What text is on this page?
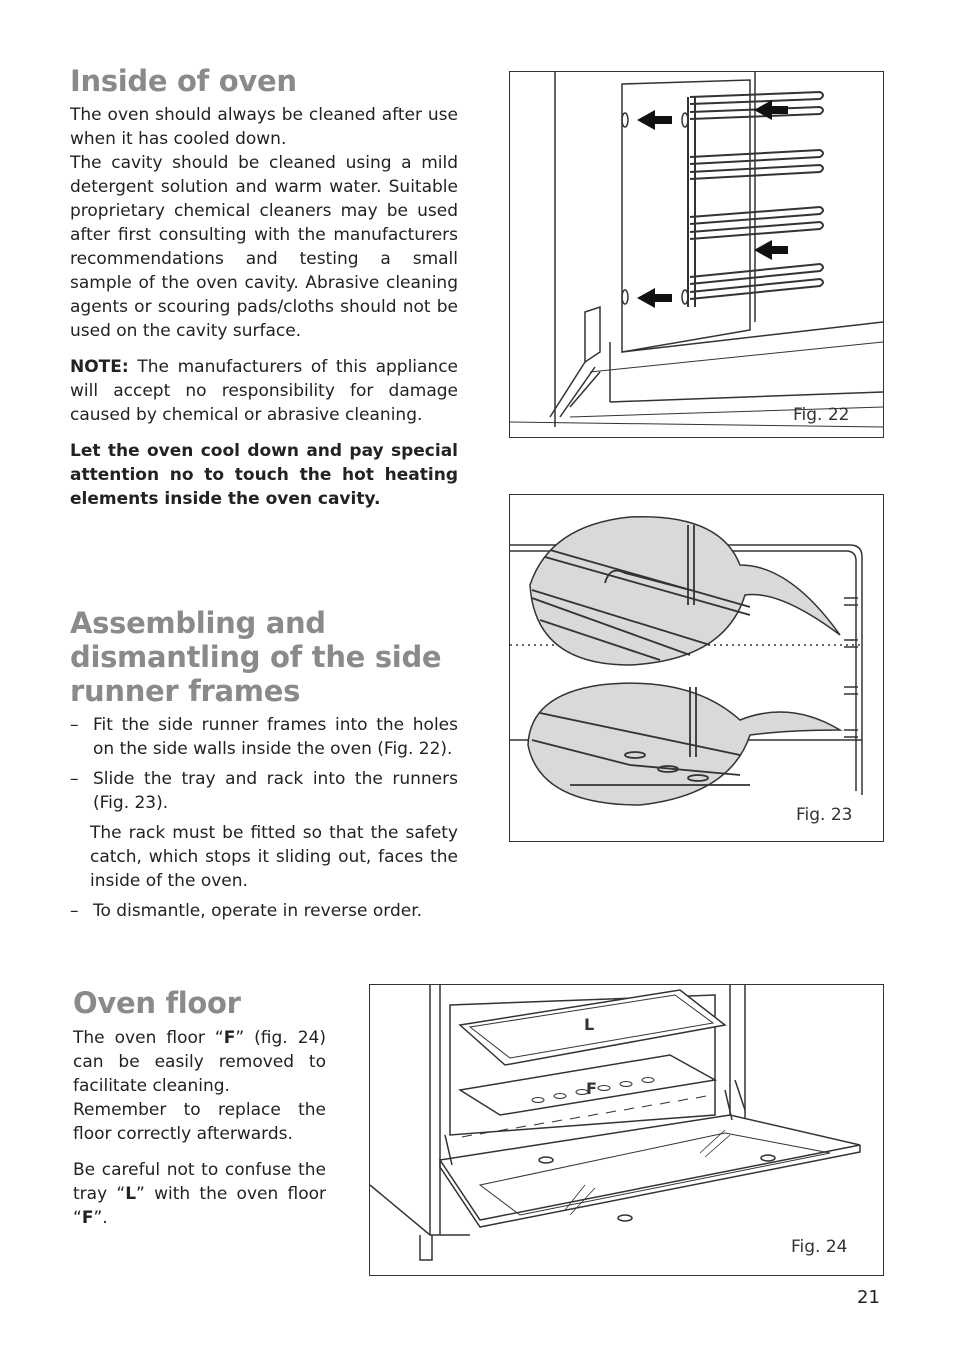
Inside of oven

The oven should always be cleaned after use when it has cooled down.

The cavity should be cleaned using a mild detergent solution and warm water. Suitable proprietary chemical cleaners may be used after first consulting with the manufacturers recommendations and testing a small sample of the oven cavity. Abrasive cleaning agents or scouring pads/cloths should not be used on the cavity surface.

NOTE: The manufacturers of this appliance will accept no responsibility for damage caused by chemical or abrasive cleaning.

Let the oven cool down and pay special attention no to touch the hot heating elements inside the oven cavity.

Assembling and dismantling of the side runner frames
– Fit the side runner frames into the holes on the side walls inside the oven (Fig. 22).
– Slide the tray and rack into the runners (Fig. 23).
The rack must be fitted so that the safety catch, which stops it sliding out, faces the inside of the oven.
– To dismantle, operate in reverse order.
Oven floor

The oven floor “F” (fig. 24) can be easily removed to facilitate cleaning.

Remember to replace the floor correctly afterwards.

Be careful not to confuse the tray “L” with the oven floor “F”.

Fig. 22
Fig. 23
L
F
Fig. 24
21
